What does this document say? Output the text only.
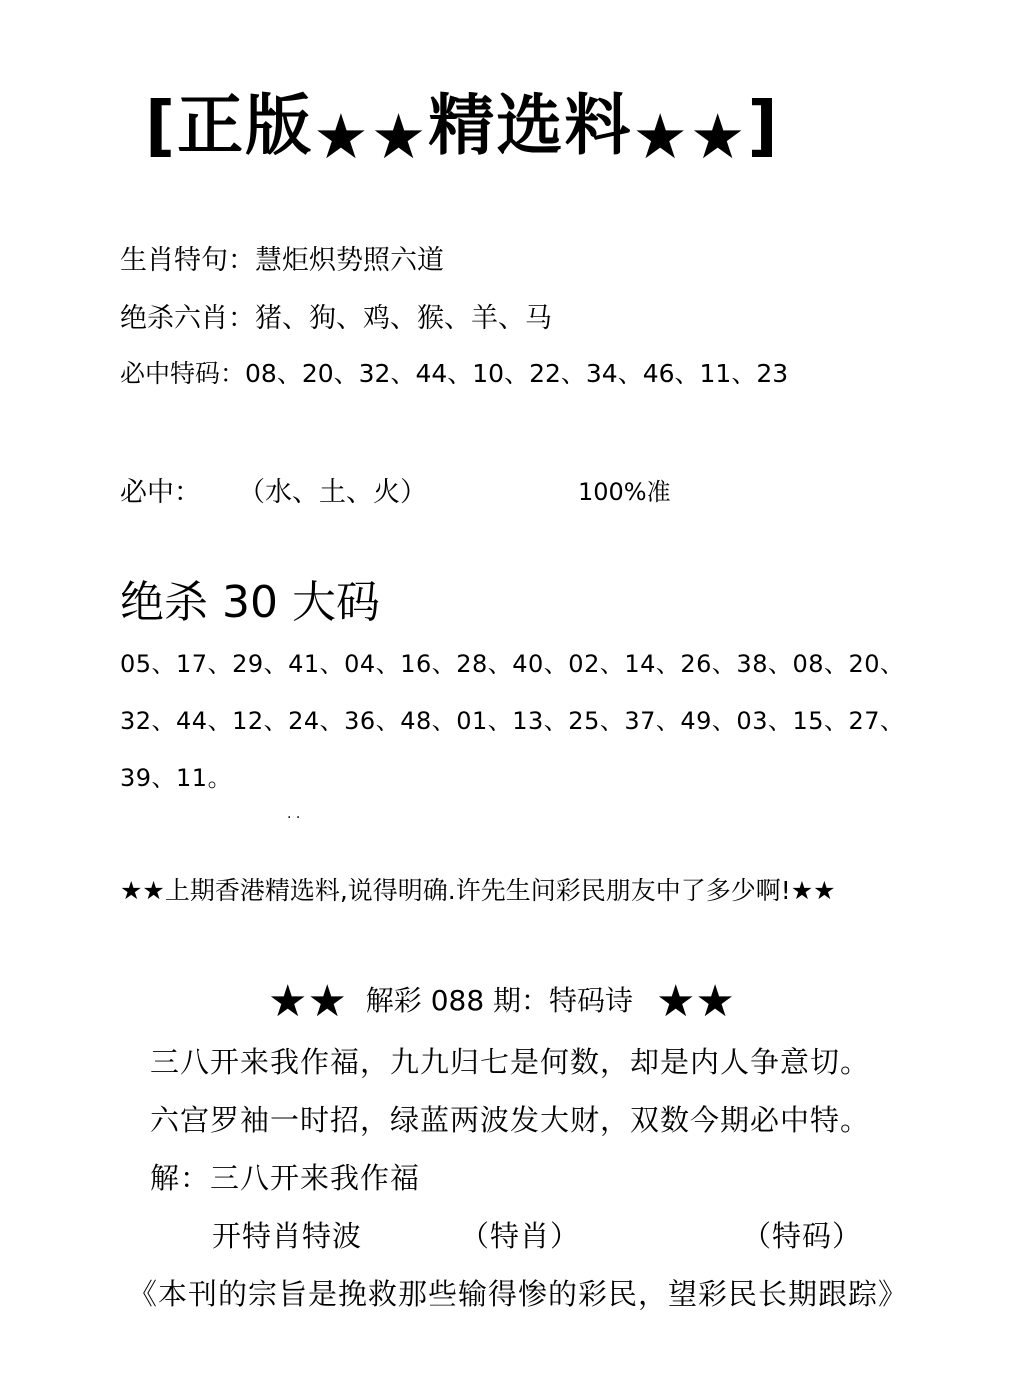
[正版★★精选料★★]
生肖特句：慧炬炽势照六道
绝杀六肖：猪、狗、鸡、猴、羊、马
必中特码：08、20、32、44、10、22、34、46、11、23
必中： （水、土、火）	100%准
绝杀 30 大码
05、17、29、41、04、16、28、40、02、14、26、38、08、20、
32、44、12、24、36、48、01、13、25、37、49、03、15、27、
39、11。
. .
★★上期香港精选料,说得明确.许先生问彩民朋友中了多少啊!★★
★★ 解彩 088 期：特码诗 ★★
三八开来我作福，九九归七是何数，却是内人争意切。
六宫罗袖一时招，绿蓝两波发大财，双数今期必中特。
解：三八开来我作福
开特肖特波	（特肖）	（特码）
《本刊的宗旨是挽救那些输得惨的彩民，望彩民长期跟踪》
